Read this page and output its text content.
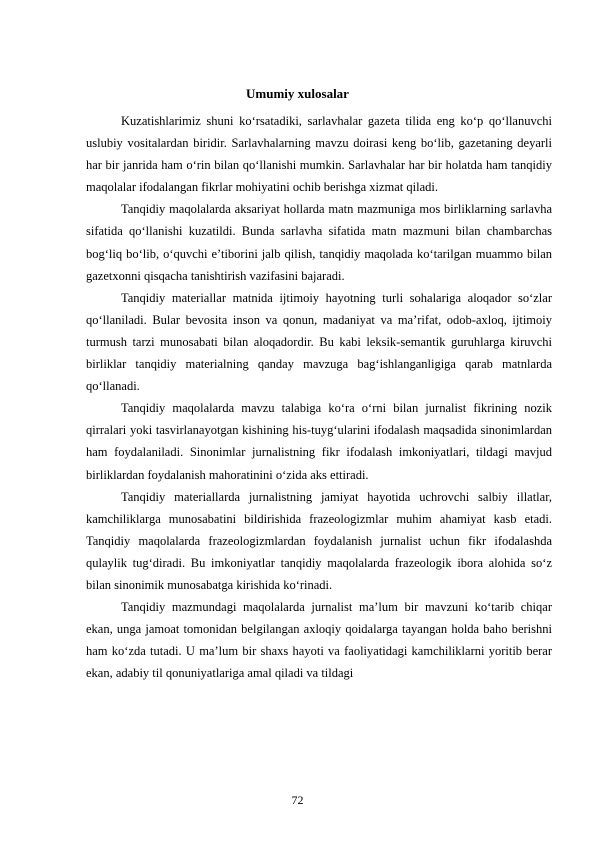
Umumiy xulosalar

Kuzatishlarimiz shuni ko‘rsatadiki, sarlavhalar gazeta tilida eng ko‘p qo‘llanuvchi uslubiy vositalardan biridir. Sarlavhalarning mavzu doirasi keng bo‘lib, gazetaning deyarli har bir janrida ham o‘rin bilan qo‘llanishi mumkin. Sarlavhalar har bir holatda ham tanqidiy maqolalar ifodalangan fikrlar mohiyatini ochib berishga xizmat qiladi.

Tanqidiy maqolalarda aksariyat hollarda matn mazmuniga mos birliklarning sarlavha sifatida qo‘llanishi kuzatildi. Bunda sarlavha sifatida matn mazmuni bilan chambarchas bog‘liq bo‘lib, o‘quvchi e’tiborini jalb qilish, tanqidiy maqolada ko‘tarilgan muammo bilan gazetxonni qisqacha tanishtirish vazifasini bajaradi.

Tanqidiy materiallar matnida ijtimoiy hayotning turli sohalariga aloqador so‘zlar qo‘llaniladi. Bular bevosita inson va qonun, madaniyat va ma’rifat, odob-axloq, ijtimoiy turmush tarzi munosabati bilan aloqadordir. Bu kabi leksik-semantik guruhlarga kiruvchi birliklar tanqidiy materialning qanday mavzuga bag‘ishlanganligiga qarab matnlarda qo‘llanadi.

Tanqidiy maqolalarda mavzu talabiga ko‘ra o‘rni bilan jurnalist fikrining nozik qirralari yoki tasvirlanayotgan kishining his-tuyg‘ularini ifodalash maqsadida sinonimlardan ham foydalaniladi. Sinonimlar jurnalistning fikr ifodalash imkoniyatlari, tildagi mavjud birliklardan foydalanish mahoratinini o‘zida aks ettiradi.

Tanqidiy materiallarda jurnalistning jamiyat hayotida uchrovchi salbiy illatlar, kamchiliklarga munosabatini bildirishida frazeologizmlar muhim ahamiyat kasb etadi. Tanqidiy maqolalarda frazeologizmlardan foydalanish jurnalist uchun fikr ifodalashda qulaylik tug‘diradi. Bu imkoniyatlar tanqidiy maqolalarda frazeologik ibora alohida so‘z bilan sinonimik munosabatga kirishida ko‘rinadi.

Tanqidiy mazmundagi maqolalarda jurnalist ma’lum bir mavzuni ko‘tarib chiqar ekan, unga jamoat tomonidan belgilangan axloqiy qoidalarga tayangan holda baho berishni ham ko‘zda tutadi. U ma’lum bir shaxs hayoti va faoliyatidagi kamchiliklarni yoritib berar ekan, adabiy til qonuniyatlariga amal qiladi va tildagi

72
